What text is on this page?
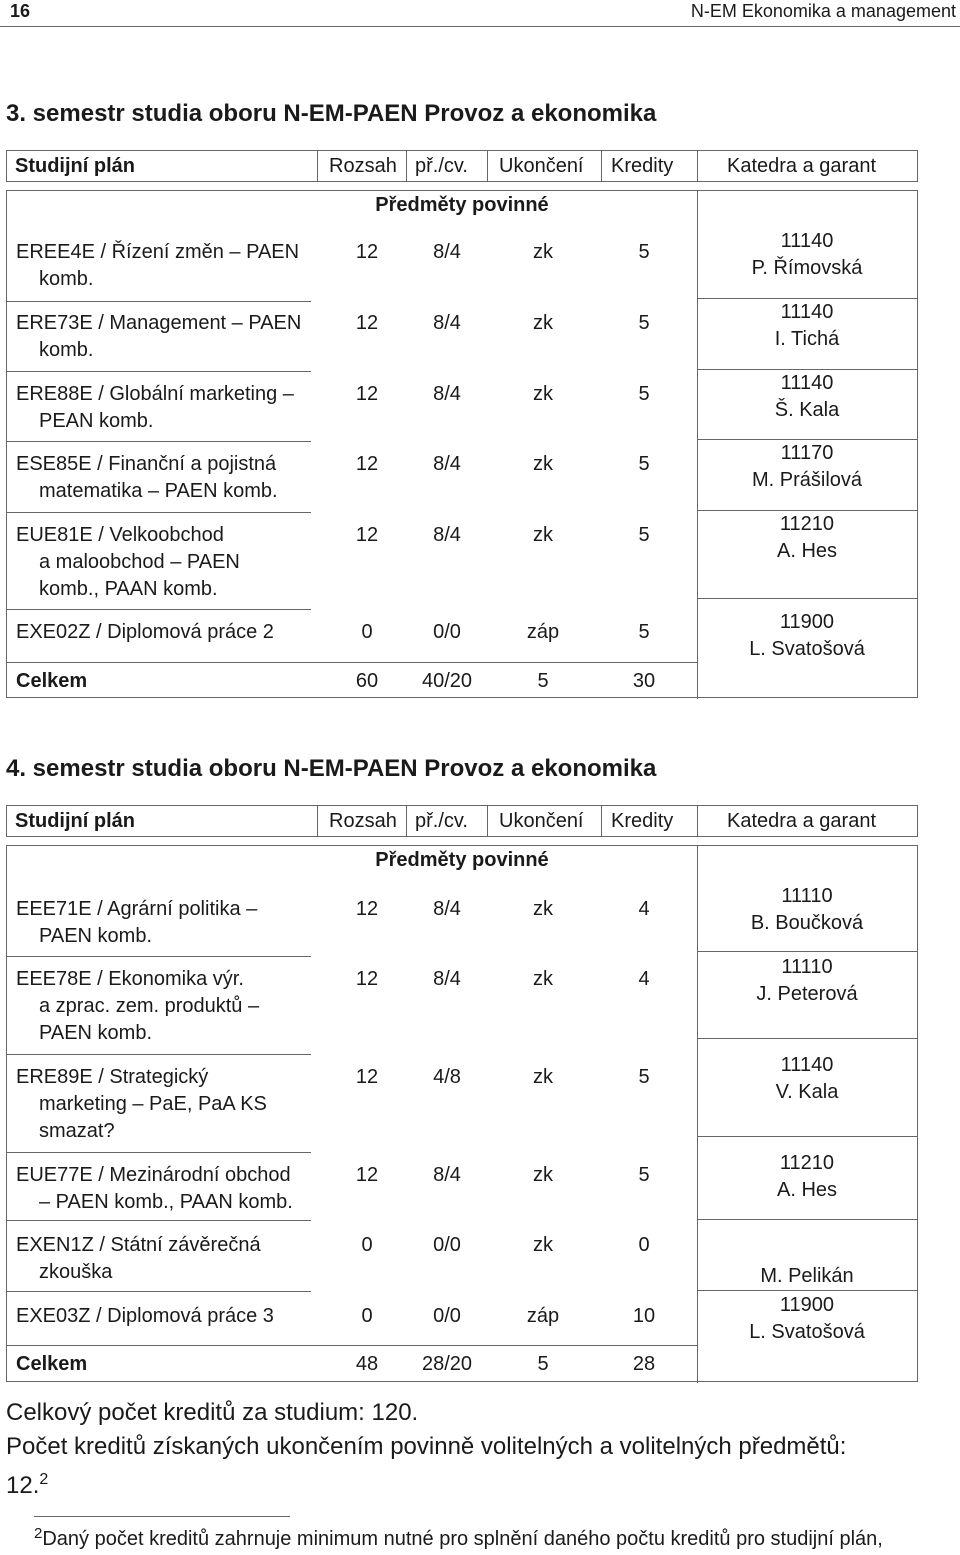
16	N-EM Ekonomika a management
3. semestr studia oboru N-EM-PAEN Provoz a ekonomika
Studijní plán	Rozsah př./cv. Ukončení Kredity	Katedra a garant
Předměty povinné
EREE4E / Řízení změn – PAEN
komb.
12	8/4	zk	5	11140
P. Římovská
ERE73E / Management – PAEN
komb.
12	8/4	zk	5	11140
I. Tichá
ERE88E / Globální marketing –
PEAN komb.
12	8/4	zk	5	11140
Š. Kala
ESE85E / Finanční a pojistná
matematika – PAEN komb.
12	8/4	zk	5	11170
M. Prášilová
EUE81E / Velkoobchod
a maloobchod – PAEN
komb., PAAN komb.
12	8/4	zk	5	11210
A. Hes
EXE02Z / Diplomová práce 2	0	0/0	záp	5	11900
L. Svatošová
Celkem	60	40/20	5	30
4. semestr studia oboru N-EM-PAEN Provoz a ekonomika
Studijní plán	Rozsah př./cv. Ukončení Kredity	Katedra a garant
Předměty povinné
EEE71E / Agrární politika –
PAEN komb.
12	8/4	zk	4
11110
B. Boučková
EEE78E / Ekonomika výr.
a zprac. zem. produktů –
PAEN komb.
12	8/4	zk	4
11110
J. Peterová
ERE89E / Strategický
marketing – PaE, PaA KS
smazat?
12	4/8	zk	5
11140
V. Kala
EUE77E / Mezinárodní obchod
– PAEN komb., PAAN komb.
12	8/4	zk	5
11210
A. Hes
EXEN1Z / Státní závěrečná
zkouška
0	0/0	zk	0
M. Pelikán
EXE03Z / Diplomová práce 3	0	0/0	záp	10	11900
L. Svatošová
Celkem	48	28/20	5	28
Celkový počet kreditů za studium: 120.
Počet kreditů získaných ukončením povinně volitelných a volitelných předmětů:
12.$^2$
$^2$Daný počet kreditů zahrnuje minimum nutné pro splnění daného počtu kreditů pro studijní plán,
